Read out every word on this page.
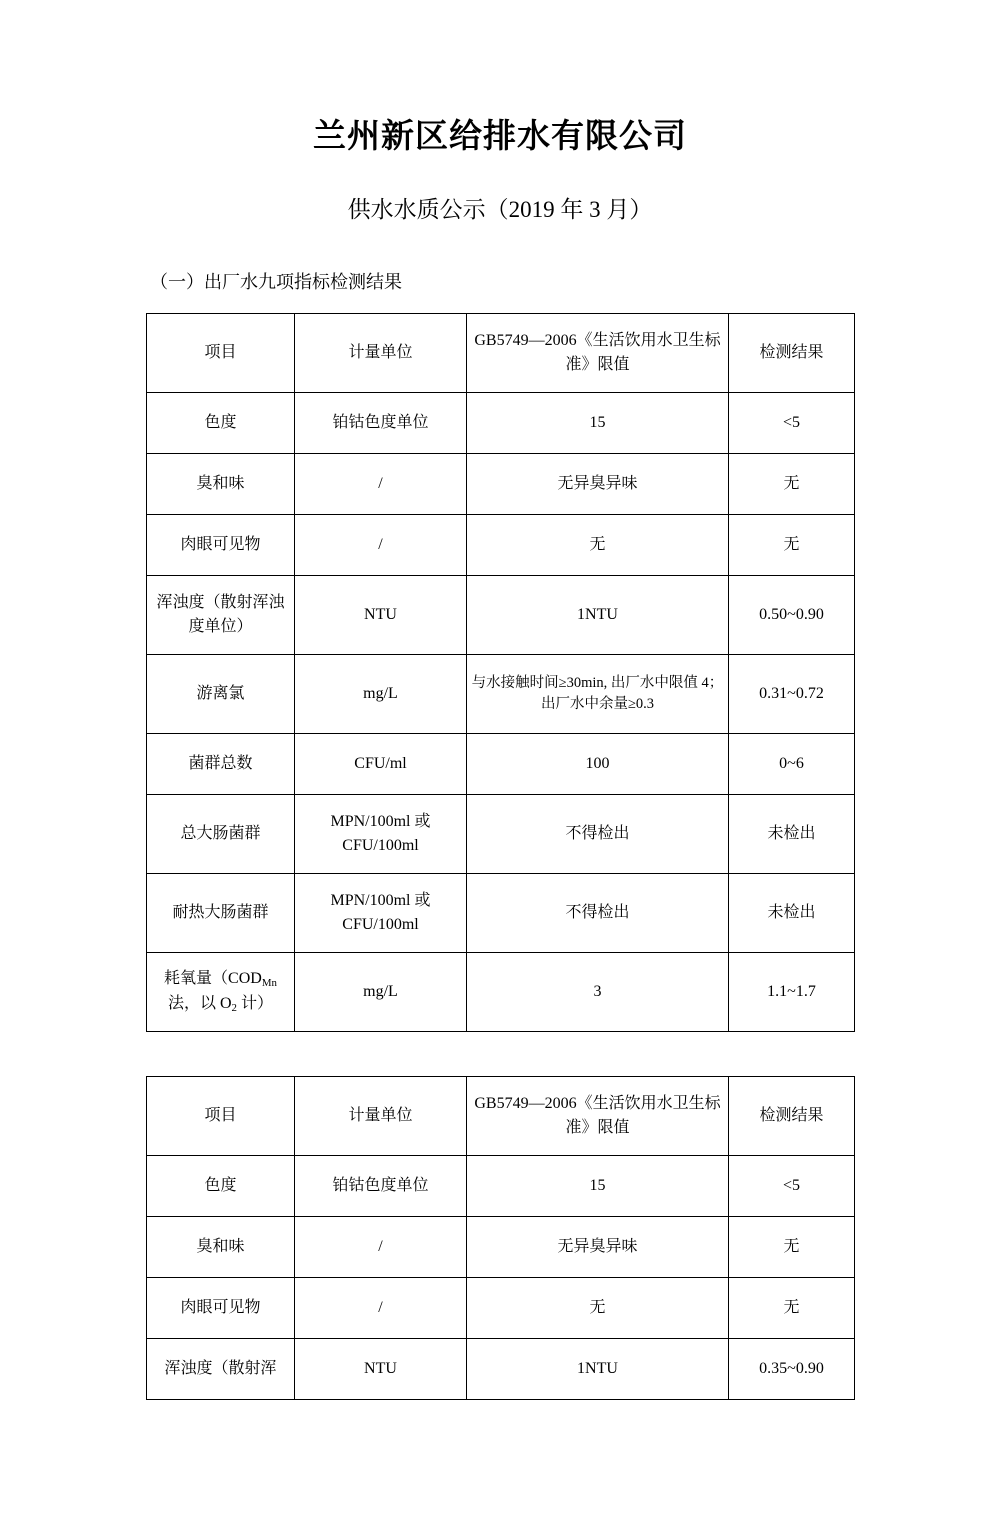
兰州新区给排水有限公司
供水水质公示（2019 年 3 月）
（一）出厂水九项指标检测结果
项目	计量单位	GB5749—2006《生活饮用水卫生标准》限值	检测结果
色度	铂钴色度单位	15	<5
臭和味	/	无异臭异味	无
肉眼可见物	/	无	无
浑浊度（散射浑浊度单位）	NTU	1NTU	0.50~0.90
游离氯	mg/L	与水接触时间≥30min, 出厂水中限值 4；出厂水中余量≥0.3	0.31~0.72
菌群总数	CFU/ml	100	0~6
总大肠菌群	MPN/100ml 或 CFU/100ml	不得检出	未检出
耐热大肠菌群	MPN/100ml 或 CFU/100ml	不得检出	未检出
耗氧量（$COD_{Mn}$ 法，以 $O_2$ 计）	mg/L	3	1.1~1.7
项目	计量单位	GB5749—2006《生活饮用水卫生标准》限值	检测结果
色度	铂钴色度单位	15	<5
臭和味	/	无异臭异味	无
肉眼可见物	/	无	无
浑浊度（散射浑	NTU	1NTU	0.35~0.90
